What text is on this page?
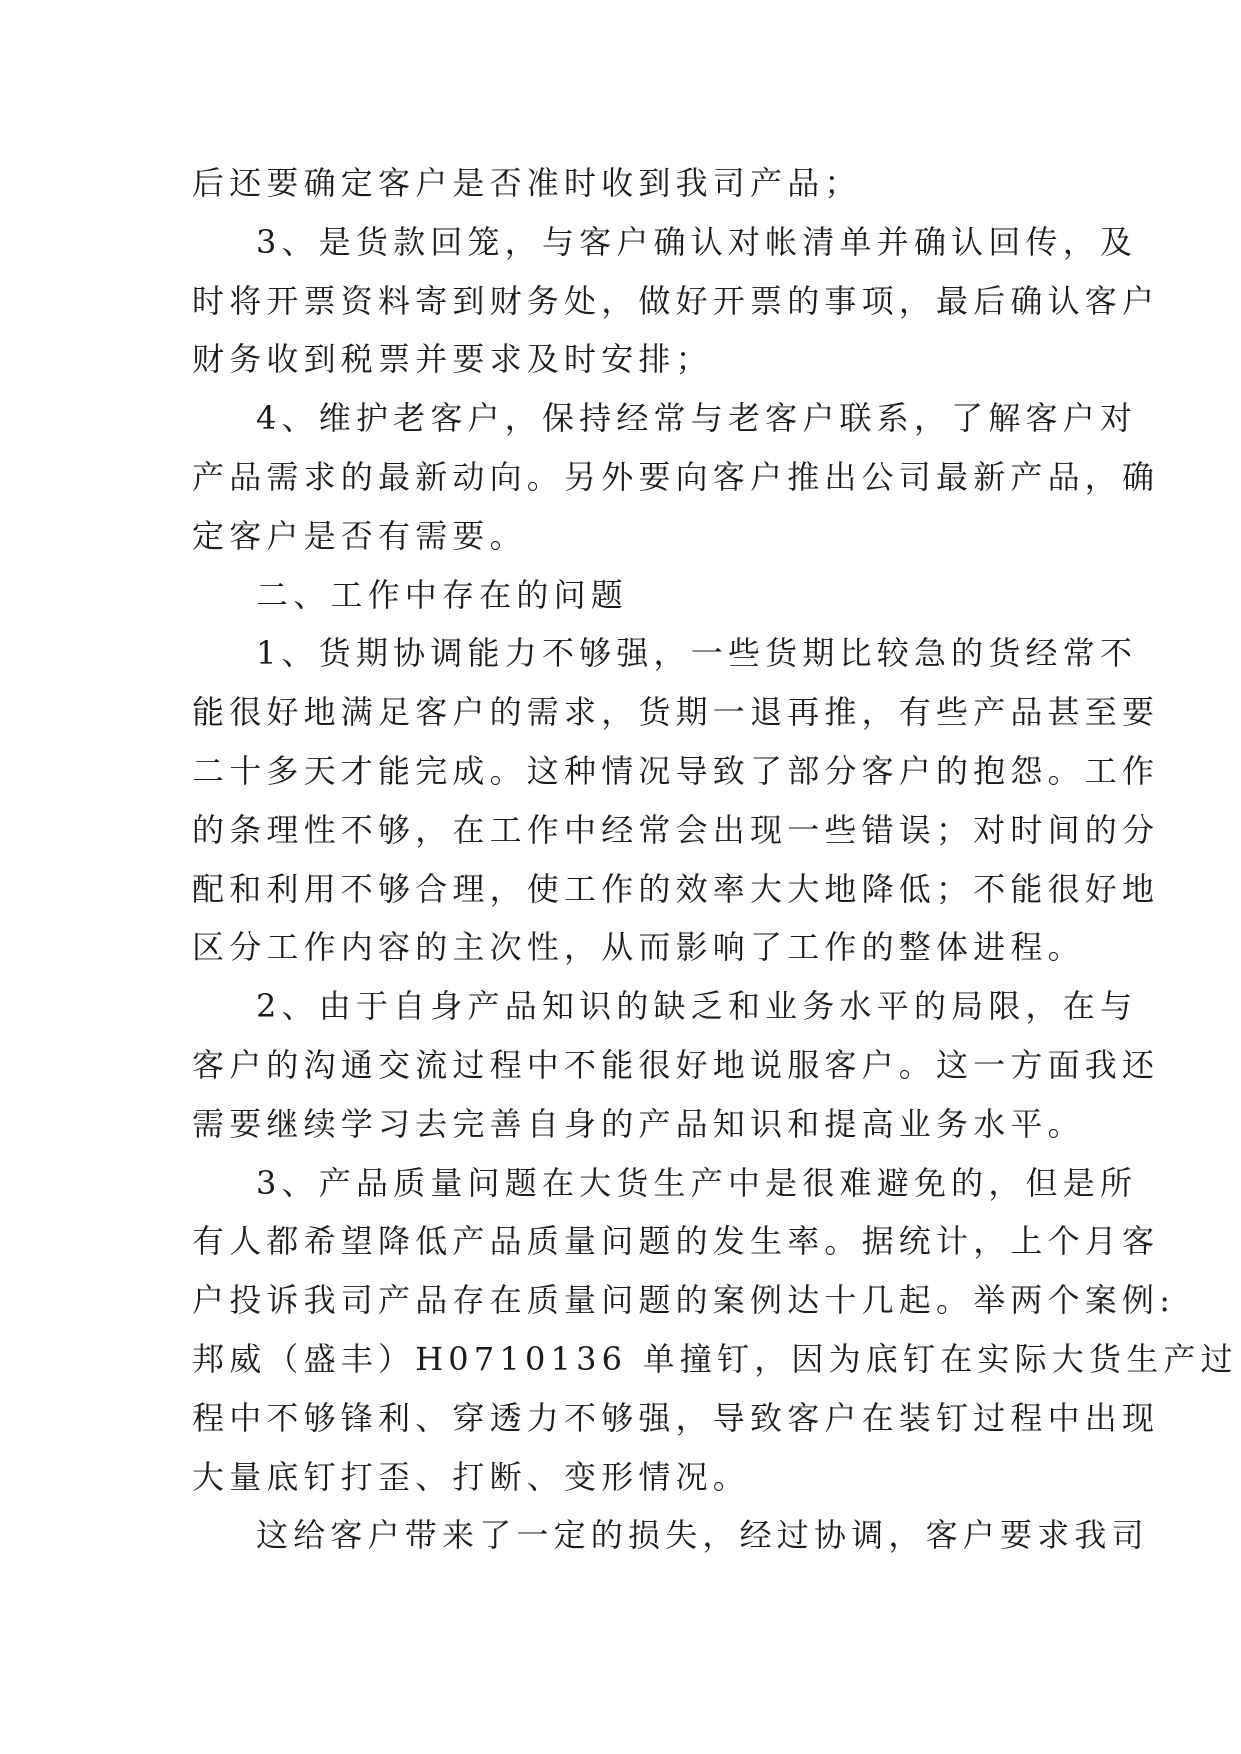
后还要确定客户是否准时收到我司产品；
3、是货款回笼，与客户确认对帐清单并确认回传，及
时将开票资料寄到财务处，做好开票的事项，最后确认客户
财务收到税票并要求及时安排；
4、维护老客户，保持经常与老客户联系，了解客户对
产品需求的最新动向。另外要向客户推出公司最新产品，确
定客户是否有需要。
二、工作中存在的问题
1、货期协调能力不够强，一些货期比较急的货经常不
能很好地满足客户的需求，货期一退再推，有些产品甚至要
二十多天才能完成。这种情况导致了部分客户的抱怨。工作
的条理性不够，在工作中经常会出现一些错误；对时间的分
配和利用不够合理，使工作的效率大大地降低；不能很好地
区分工作内容的主次性，从而影响了工作的整体进程。
2、由于自身产品知识的缺乏和业务水平的局限，在与
客户的沟通交流过程中不能很好地说服客户。这一方面我还
需要继续学习去完善自身的产品知识和提高业务水平。
3、产品质量问题在大货生产中是很难避免的，但是所
有人都希望降低产品质量问题的发生率。据统计，上个月客
户投诉我司产品存在质量问题的案例达十几起。举两个案例:
邦威（盛丰）H0710136 单撞钉，因为底钉在实际大货生产过
程中不够锋利、穿透力不够强，导致客户在装钉过程中出现
大量底钉打歪、打断、变形情况。
这给客户带来了一定的损失，经过协调，客户要求我司
